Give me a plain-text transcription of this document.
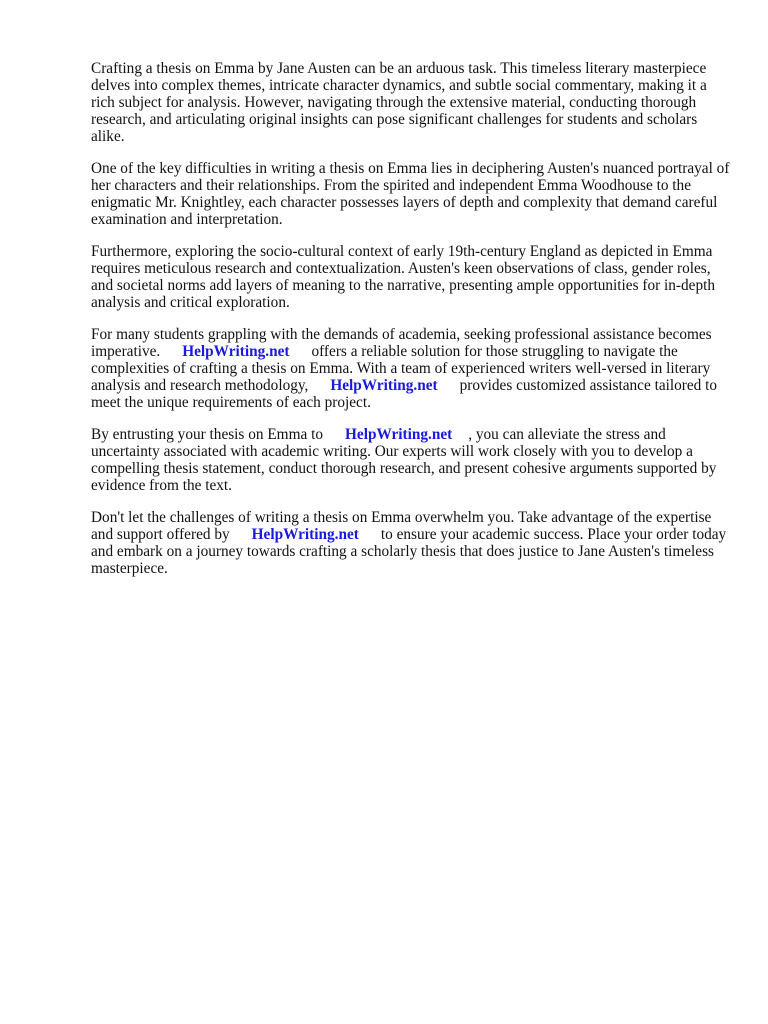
Crafting a thesis on Emma by Jane Austen can be an arduous task. This timeless literary masterpiece delves into complex themes, intricate character dynamics, and subtle social commentary, making it a rich subject for analysis. However, navigating through the extensive material, conducting thorough research, and articulating original insights can pose significant challenges for students and scholars alike.

One of the key difficulties in writing a thesis on Emma lies in deciphering Austen's nuanced portrayal of her characters and their relationships. From the spirited and independent Emma Woodhouse to the enigmatic Mr. Knightley, each character possesses layers of depth and complexity that demand careful examination and interpretation.

Furthermore, exploring the socio-cultural context of early 19th-century England as depicted in Emma requires meticulous research and contextualization. Austen's keen observations of class, gender roles, and societal norms add layers of meaning to the narrative, presenting ample opportunities for in-depth analysis and critical exploration.

For many students grappling with the demands of academia, seeking professional assistance becomes imperative. HelpWriting.net offers a reliable solution for those struggling to navigate the complexities of crafting a thesis on Emma. With a team of experienced writers well-versed in literary analysis and research methodology, HelpWriting.net provides customized assistance tailored to meet the unique requirements of each project.

By entrusting your thesis on Emma to HelpWriting.net , you can alleviate the stress and uncertainty associated with academic writing. Our experts will work closely with you to develop a compelling thesis statement, conduct thorough research, and present cohesive arguments supported by evidence from the text.

Don't let the challenges of writing a thesis on Emma overwhelm you. Take advantage of the expertise and support offered by HelpWriting.net to ensure your academic success. Place your order today and embark on a journey towards crafting a scholarly thesis that does justice to Jane Austen's timeless masterpiece.
